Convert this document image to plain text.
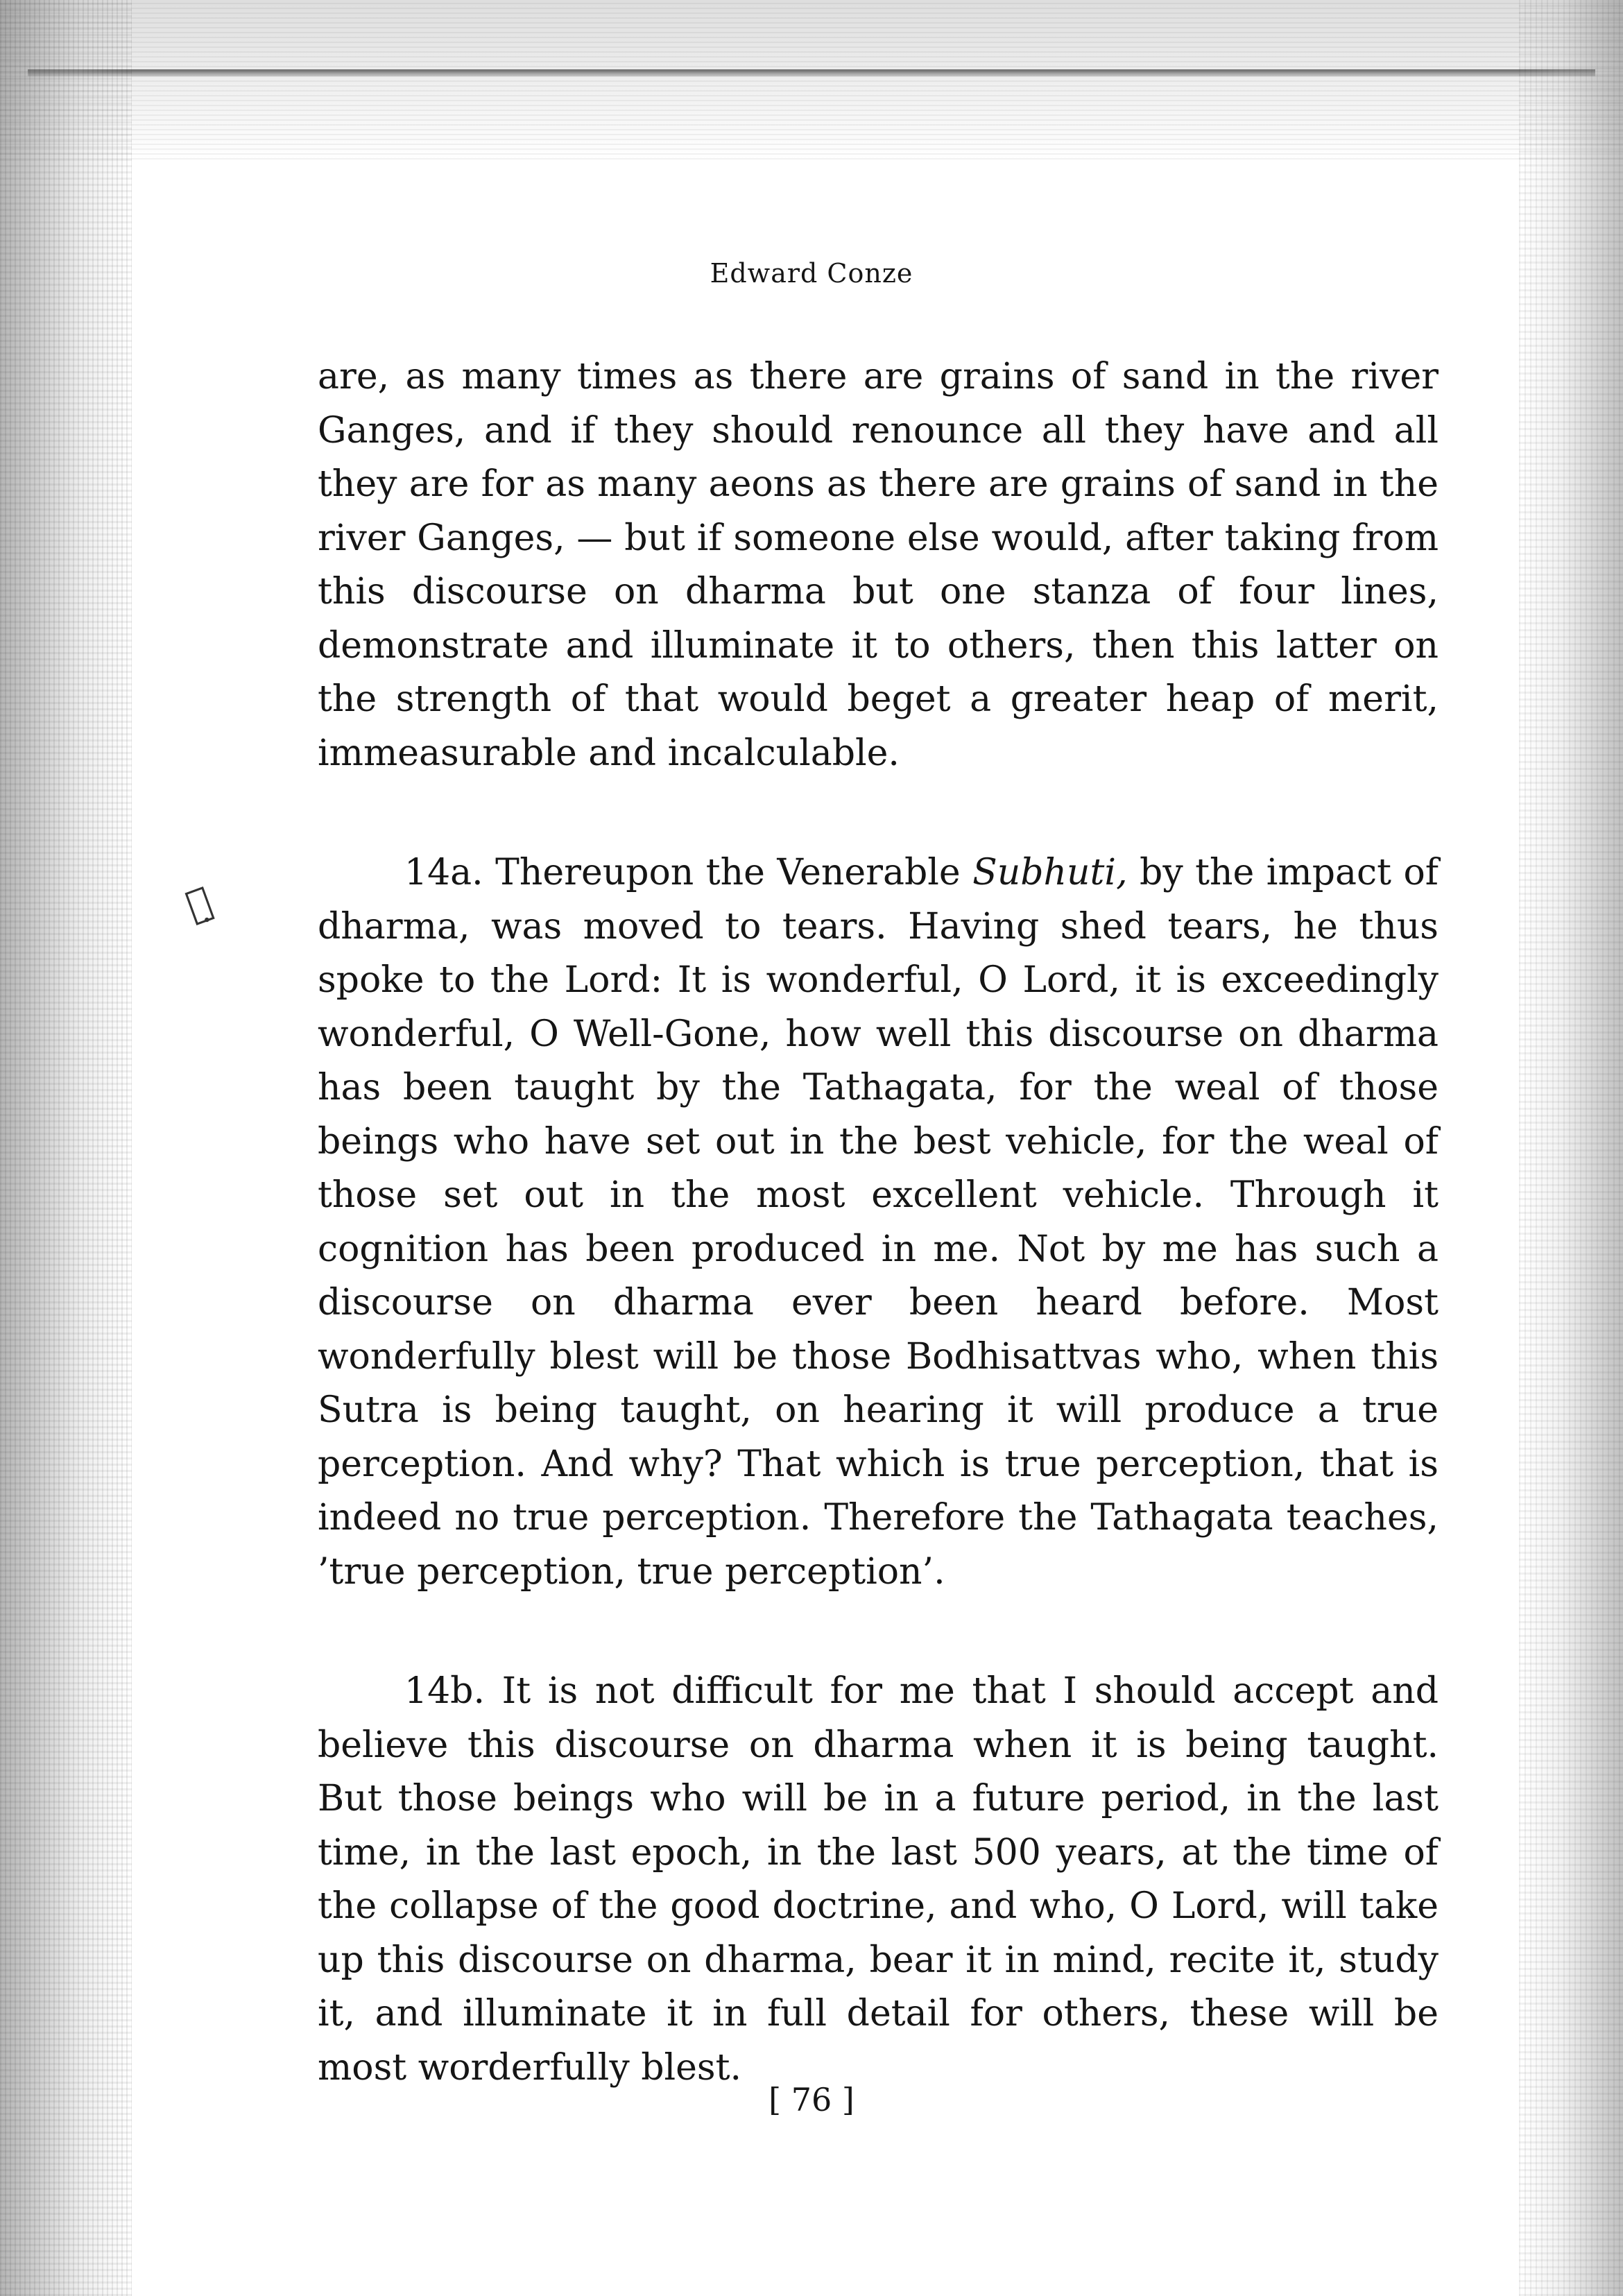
⌒̣
Edward Conze

are, as many times as there are grains of sand in the river Ganges, and if they should renounce all they have and all they are for as many aeons as there are grains of sand in the river Ganges, — but if someone else would, after taking from this discourse on dharma but one stanza of four lines, demonstrate and illuminate it to others, then this latter on the strength of that would beget a greater heap of merit, immeasurable and incalculable.

14a. Thereupon the Venerable Subhuti, by the impact of dharma, was moved to tears. Having shed tears, he thus spoke to the Lord: It is wonderful, O Lord, it is exceedingly wonderful, O Well-Gone, how well this discourse on dharma has been taught by the Tathagata, for the weal of those beings who have set out in the best vehicle, for the weal of those set out in the most excellent vehicle. Through it cognition has been produced in me. Not by me has such a discourse on dharma ever been heard before. Most wonderfully blest will be those Bodhisattvas who, when this Sutra is being taught, on hearing it will produce a true perception. And why? That which is true perception, that is indeed no true perception. Therefore the Tathagata teaches, ’true perception, true perception’.

14b. It is not difficult for me that I should accept and believe this discourse on dharma when it is being taught. But those beings who will be in a future period, in the last time, in the last epoch, in the last 500 years, at the time of the collapse of the good doctrine, and who, O Lord, will take up this discourse on dharma, bear it in mind, recite it, study it, and illuminate it in full detail for others, these will be most worderfully blest.

[ 76 ]
